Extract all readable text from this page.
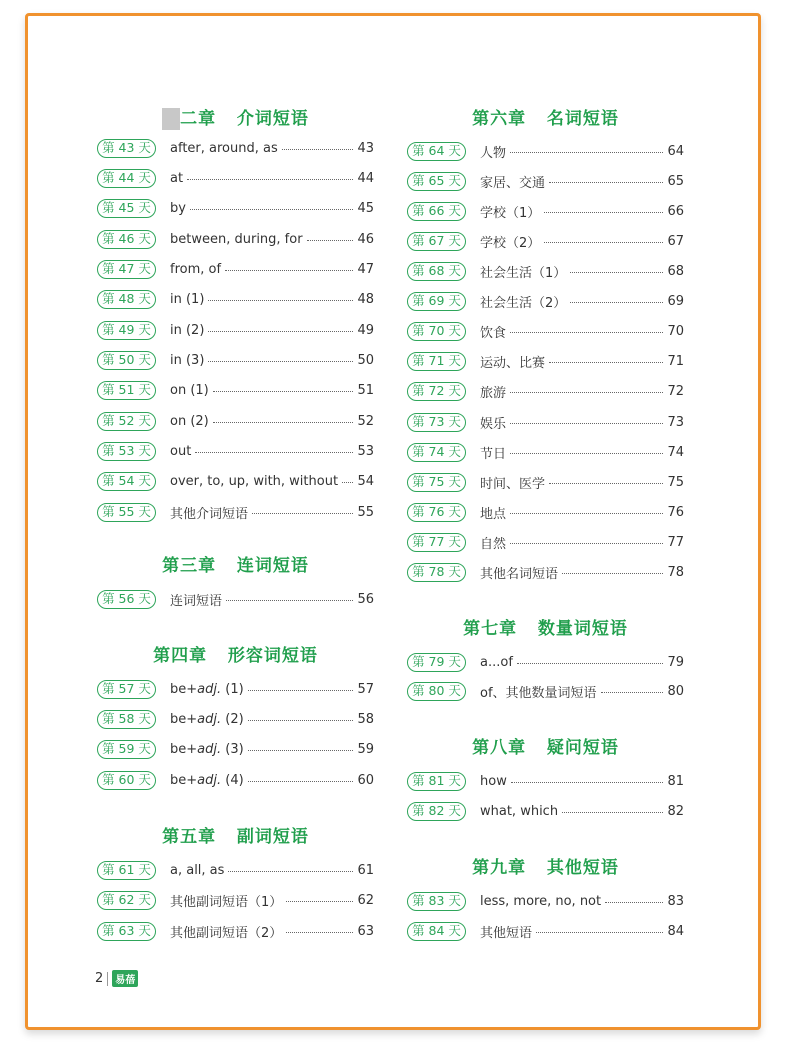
第二章   介词短语
第 43 天	after, around, as	43
第 44 天	at	44
第 45 天	by	45
第 46 天	between, during, for	46
第 47 天	from, of	47
第 48 天	in (1)	48
第 49 天	in (2)	49
第 50 天	in (3)	50
第 51 天	on (1)	51
第 52 天	on (2)	52
第 53 天	out	53
第 54 天	over, to, up, with, without 54
第 55 天	其他介词短语	55
第三章   连词短语
第 56 天	连词短语	56
第四章   形容词短语
第 57 天	be+adj. (1)	57
第 58 天	be+adj. (2)	58
第 59 天	be+adj. (3)	59
第 60 天	be+adj. (4)	60
第五章   副词短语
第 61 天	a, all, as	61
第 62 天	其他副词短语（1）	62
第 63 天	其他副词短语（2）	63
第六章   名词短语
第 64 天	人物	64
第 65 天	家居、交通	65
第 66 天	学校（1）	66
第 67 天	学校（2）	67
第 68 天	社会生活（1）	68
第 69 天	社会生活（2）	69
第 70 天	饮食	70
第 71 天	运动、比赛	71
第 72 天	旅游	72
第 73 天	娱乐	73
第 74 天	节日	74
第 75 天	时间、医学	75
第 76 天	地点	76
第 77 天	自然	77
第 78 天	其他名词短语	78
第七章   数量词短语
第 79 天	a...of	79
第 80 天	of、其他数量词短语	80
第八章   疑问短语
第 81 天	how	81
第 82 天	what, which	82
第九章   其他短语
第 83 天	less, more, no, not	83
第 84 天	其他短语	84
2	易蓓
